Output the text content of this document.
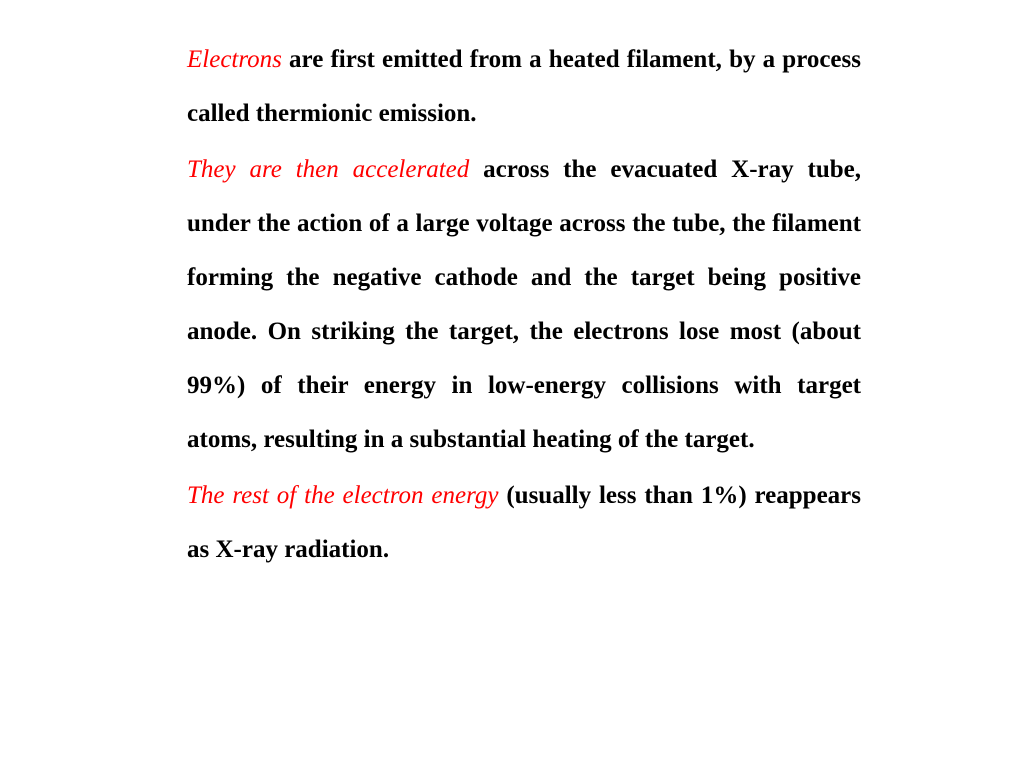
Electrons are first emitted from a heated filament, by a process called thermionic emission.

They are then accelerated across the evacuated X-ray tube, under the action of a large voltage across the tube, the filament forming the negative cathode and the target being positive anode. On striking the target, the electrons lose most (about 99%) of their energy in low-energy collisions with target atoms, resulting in a substantial heating of the target.

The rest of the electron energy (usually less than 1%) reappears as X-ray radiation.
